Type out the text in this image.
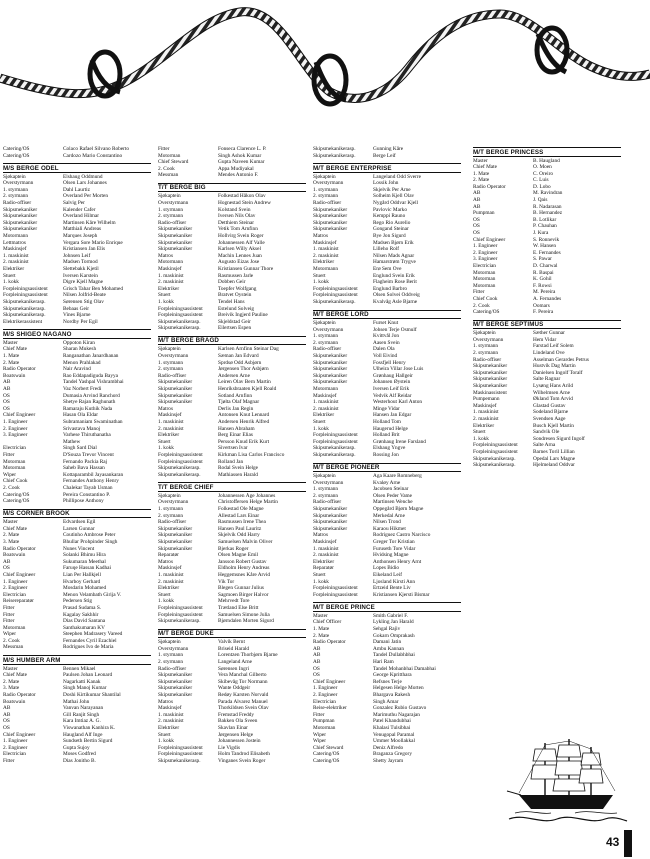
Catering/OS	Colaco Rafael Silvano Roberto
Catering/OS	Cardozo Mario Constantino
M/S BERGE ODEL
Sjøkaptein	Elshaug Oddmund
Overstyrmann	Olsen Lars Johannes
1. styrmann	Dahl Laurtiz
2. styrmann	Overland Per Morten
Radio-offiser	Salvig Per
Skipsmekaniker	Kalender Cafer
Skipsmekaniker	Overland Hilmar
Skipsmekaniker	Martinsen Kåre Wilhelm
Skipsmekaniker	Matthiali Andreas
Motormann	Marques Joseph
Lettmatros	Vergara Sore Mario Enrique
Maskinsjef	Kristiansen Jan Elis
1. maskinist	Johnsen Leif
2. maskinist	Madsen Tormod
Elektriker	Slettebakk Kjetil
Stuert	Iversen Karstein
1. kokk	Digre Kjell Magne
Forpleiningsassistent	Grisch Tahar Ben Mohamed
Forpleiningsassistent	Nilsen Jolfrid-Beate
Skipsmekanikerasp.	Sørensen Stig Olav
Skipsmekanikerasp.	Bebaas Geir
Skipsmekanikerasp.	Vines Bjarne
Elektrikerassistent	Nordby Per Egil
M/S SHIGEO NAGANO
Master	Oppoton Kiran
Chief Mate	Sharan Mukesh
1. Mate	Ranganathan Janardhanan
2. Mate	Menon Prahlakad
Radio Operator	Nair Aravind
Boatswain	Rao Eddapadiguda Bayya
AB	Tandel Yashpal Vishrambhai
AB	Vaz Norbert Fredi
OS	Dumasia Arvind Ranchord
OS	Shetye Rajan Raghunath
OS	Ramaraju Kuthik Nada
Chief Engineer	Hasan Ola Eldar
1. Engineer	Subramaniam Swaminathan
2. Engineer	Srivastava Manoj
3. Engineer	Varhese Thiruthanatha
Mathew
Electrician	Singh Sard Dial
Fitter	D'Souza Trevor Vincent
Motorman	Fernando Packia Raj
Motorman	Saheb Bava Hassan
Wiper	Kottaparambil Jayasankaran
Chief Cook	Fernandes Anthony Henry
2. Cook	Chalekar Tayab Usman
Catering/OS	Pereira Constantino P.
Catering/OS	Phillipose Anthony
M/S CORNER BROOK
Master	Edvardsen Egil
Chief Mate	Larsen Gunnar
2. Mate	Coutinho Ambrose Peter
3. Mate	Bhullar Prohpinder Singh
Radio Operator	Nunes Vincent
Boatswain	Solanki Bhimu Hira
AB	Sukumaran Meethal
OS	Faruqe Hassan Kadhai
Chief Engineer	Lian Per Hallkjell
1. Engineer	Hvarboy Gerhard
2. Engineer	Mosdarin Mohamed
Electrician	Menon Velambath Girija V.
Reisereparatør	Pedersen Stig
Fitter	Prasad Sudama S.
Fitter	Kagalay Sakhhir
Fitter	Dias David Santana
Motorman	Santhakumaran KV
Wiper	Steephen Madrasery Vareed
2. Cook	Fernandes Cyril Ezachiel
Messman	Rodrigues Ivo de Maria
M/S HUMBER ARM
Master	Bennen Mikael
Chief Mate	Paulsen Johan Leonard
2. Mate	Nagarkatti Kanak
3. Mate	Singh Manoj Kumar
Radio Operator	Doshi Kirtikumar Shantilal
Boatswain	Mathai John
AB	Vanvan Narayanan
AB	Gill Ranjit Singh
OS	Kara Imtiaz A. G.
OS	Viswanathan Kanhira K.
Chief Engineer	Haugland Alf Inge
1. Engineer	Sundseth Bertin Sigurd
2. Engineer	Gupta Sujoy
Electrician	Moses Godfred
Fitter	Dias Jonitho B.
Fitter	Fonseca Clarence L. P.
Motorman	Singh Ashok Kumar
Chief Steward	Gupta Naveen Kumar
2. Cook	Appa Mudiyakal
Messman	Mendes Antonio F.
T/T BERGE BIG
Sjøkaptein	Folkestad Håkon Olav
Overstyrmann	Hognestad Stein Andrew
1. styrmann	Kolstand Svein
2. styrmann	Iversen Nils Olav
Radio-offiser	Detthiem Steinar
Skipsmekaniker	Vetik Tom Arnfinn
Skipsmekaniker	Hollvirg Svein Roger
Skipsmekaniker	Johannessen Alf Valle
Skipsmekaniker	Karlsen Willy Aksel
Matros	Machin Lennes Juan
Motormann	Augusto Eizas Jose
Maskinsjef	Kristiansen Gunnar Thore
1. maskinist	Rasmussen Jarle
2. maskinist	Dobben Geir
Elektriker	Toepfer Wolfgang
Stuert	Bratvet Oystein
1. kokk	Tendel Hans
Forpleiningsassistent	Estelund Solveig
Forpleiningsassistent	Breivik Ingjerd Pauline
Skipsmekanikerasp.	Skjeldstad Geir
Skipsmekanikerasp.	Eilertsen Espen
M/T BERGE BRAGD
Sjøkaptein	Karlsen Arnfinn Steinar Dag
Overstyrmann	Sæman Jan Edvard
1. styrmann	Sprdsø Odd Asbjørn
2. styrmann	Jørgensen Thor Asbjørn
Radio-offiser	Andersen Arne
Skipsmekaniker	Leiren Olav Bern Martin
Skipsmekaniker	Henriksbraaten Kjell Roald
Skipsmekaniker	Sotland Arnfinn
Skipsmekaniker	Tjølta Olaf Magnar
Matros	Derlis Jan Regin
Maskinsjef	Antonsen Knut Lennard
1. maskinist	Andersen Henrik Alfred
2. maskinist	Hansen Abraham
Elektriker	Berg Einar Elias
Stuert	Persson Knud Erik Kurt
1. kokk	Sivertsen Ivar
Forpleiningsassistent	Kirkman Lisa Carlos Francisco
Forpleiningsassistent	Rolland Jan
Skipsmekanikerasp.	Rodal Svein Helge
Skipsmekanikerasp.	Mathiassen Harald
T/T BERGE CHIEF
Sjøkaptein	Johannessen Åge Johannes
Overstyrmann	Christoffersen Helge Martin
1. styrmann	Folkestad Ole Magne
2. styrmann	Allestad Lars Einar
Radio-offiser	Rasmussen Irene Thea
Skipsmekaniker	Hansen Paul Lauritz
Skipsmekaniker	Skjelvik Odd Harry
Skipsmekaniker	Samuelsen Malvin Oliver
Skipsmekaniker	Bjerkas Roger
Reparatør	Olsen Magne Emil
Matros	Jansson Robert Gustav
Maskinsjef	Eldholm Henry Andreas
1. maskinist	Heggemsnes Kåre Arvid
2. maskinist	Vik Tor
Elektriker	Blegen Gunnar Julius
Stuert	Sagmoen Birger Halvor
1. kokk	Mehrvedt Tore
Forpleiningsassistent	Trætland Else Britt
Forpleiningsassistent	Samuelsen Simone Julia
Skipsmekanikerasp.	Bjørndalen Morten Sigurd
M/T BERGE DUKE
Sjøkaptein	Valvik Bernt
Overstyrmann	Briseid Harald
1. styrmann	Lorentzen Thorbjørn Bjarne
2. styrmann	Langeland Arne
Radio-offiser	Sørensen Ingri
Skipsmekaniker	Vera Manchal Gilberto
Skipsmekaniker	Skibevåg Tor Normann
Skipsmekaniker	Wante Oddgeir
Skipsmekaniker	Redøy Karsten Norvald
Matros	Parada Alvarez Manuel
Maskinsjef	Thorkildsen Svein Olav
1. maskinist	Fremstad Freddy
2. maskinist	Bakken Ola Sveen
Elektriker	Skavlan Einar
Stuert	Jørgensen Helge
1. kokk	Johannessen Jostein
Forpleiningsassistent	Lie Vigdis
Forpleiningsassistent	Holm Tandrod Elisabeth
Skipsmekanikerasp.	Vinganes Svein Roger
Skipsmekanikerasp.	Gunning Kåre
Skipsmekanikerasp.	Berge Leif
M/T BERGE ENTERPRISE
Sjøkaptein	Langeland Odd Sverre
Overstyrmann	Lossik John
1. styrmann	Skjelvik Per Arne
2. styrmann	Solheim Kjell Olav
Radio-offiser	Nygård Oddvar Kjell
Skipsmekaniker	Pavlovic Marko
Skipsmekaniker	Kemppi Rauno
Skipsmekaniker	Rego Rio Aurelio
Skipsmekaniker	Gongand Steinar
Matros	Bye Jon Sigurd
Maskinsjef	Madsen Bjørn Erik
1. maskinist	Lilleho Rolf
2. maskinist	Nilsen Mads Agnar
Elektriker	Hamarstrøm Trygve
Motormann	Erø Sem Ove
Stuert	Englund Svein Erik
1. kokk	Flagheim Rose Berit
Forpleiningsassistent	Englund Barbro
Forpleiningsassistent	Olsen Solvei Oddveig
Skipsmekanikerasp.	Kvalvåg Asle Bjarne
M/T BERGE LORD
Sjøkaptein	Furset Knut
Overstyrmann	Johsen Terje Osmulf
1. styrmann	Kvittvål Jon
2. styrmann	Aasen Svein
Radio-offiser	Dalen Ola
Skipsmekaniker	Voll Eivind
Skipsmekaniker	Fossfjell Henry
Skipsmekaniker	Ulheira Villar Jose Luis
Skipsmekaniker	Grønhaug Hallgeir
Skipsmekaniker	Johansen Øystein
Motormann	Iversen Leif Erik
Maskinsjef	Vedvik Alf Reidar
1. maskinist	Westerhout Karl Anton
2. maskinist	Minge Vidar
Elektriker	Hansen Jan Edgar
Stuert	Holland Tom
1. kokk	Haugerud Helge
Forpleiningsassistent	Holland Brit
Forpleiningsassistent	Grønhaug Irene Farsland
Skipsmekanikerasp.	Elshaug Yngve
Skipsmekanikerasp.	Rossing Jon
M/T BERGE PIONEER
Sjøkaptein	Aga Kaare Romneberg
Overstyrmann	Kvaløy Arne
1. styrmann	Jacobsen Steinar
2. styrmann	Olsen Peder Vame
Radio-offiser	Martinsen Wenche
Skipsmekaniker	Oppegård Bjørn Magne
Skipsmekaniker	Merkedal Arne
Skipsmekaniker	Nilsen Trond
Skipsmekaniker	Karaou Hikmet
Matros	Rodriguez Castro Narcisco
Maskinsjef	Greger Tor Kristian
1. maskinist	Furuseth Tore Vidar
2. maskinist	Hvidsing Magne
Elektriker	Anthonsen Henry Arnt
Reparatør	Lopes Bidio
Stuert	Eikeland Leif
1. kokk	Ljosland Kirsti Ann
Forpleiningsassistent	Ertzeid Bente Liv
Forpleiningsassistent	Kristiansen Kjersti Bismar
M/T BERGE PRINCE
Master	Smith Gabriel F.
Chief Officer	Lykling Jan Harald
1. Mate	Sehgal Rajiv
2. Mate	Gokarn Omprakash
Radio Operator	Damani Jatin
AB	Ambu Kannan
AB	Tandel Dullabhbhai
AB	Hari Ram
OS	Tandel Mohanbhai Damabhai
OS	George Kpritthara
Chief Engineer	Refsnes Terje
1. Engineer	Helgesen Helge Morten
2. Engineer	Bhargava Rakesh
Electrician	Singh Amar
Reise-elektriker	Gonzalez Rubio Gustavo
Fitter	Marimuthu Nagarajan
Pumpman	Patel Khandubhai
Motorman	Khalasi Tulsibhai
Wiper	Venugopal Paramal
Wiper	Ummer Moollakkal
Chief Steward	Deniz Alfredo
Catering/OS	Braganza Gregory
Catering/OS	Shetty Jayram
M/T BERGE PRINCESS
Master	B. Haugland
Chief Mate	O. Moen
1. Mate	C. Oreiro
2. Mate	C. Luis
Radio Operator	D. Lobo
AB	M. Ravindran
AB	J. Qais
AB	R. Nadarasan
Pumpman	B. Hernandez
OS	B. Lotlikar
OS	P. Chauhan
OS	J. Kura
Chief Engineer	S. Ronnevik
1. Engineer	W. Hansen
2. Engineer	E. Fernandes
3. Engineer	S. Pawar
Electrician	D. Charwal
Motorman	R. Baspai
Motorman	K. Gohil
Motorman	F. Rowsi
Fitter	M. Pereira
Chief Cook	A. Fernandes
2. Cook	Oomars
Catering/OS	F. Pereira
M/T BERGE SEPTIMUS
Sjøkaptein	Sæther Gunnar
Overstyrmann	Hem Vidar
1. styrmann	Farstad Leif Solem
2. styrmann	Lindeland Ove
Radio-offiser	Asselman Gerardes Petrus
Skipsmekaniker	Hustvik Dag Martin
Skipsmekaniker	Danielsen Ingolf Toralf
Skipsmekaniker	Salte Ragnar
Skipsmekaniker	Lysøng Hans Arild
Maskinassistent	Wilhelmsen Arne
Pumpemann	Økland Tom Arvid
Maskinsjef	Glastad Gustav
1. maskinist	Sodeland Bjarne
2. maskinist	Svendsen Aage
Elektriker	Busch Kjell Martin
Stuert	Sandvik Ole
1. kokk	Sondresen Sigurd Ingolf
Forpleiningsassistent	Salte Arna
Forpleiningsassistent	Barnes Toril Lillian
Skipsmekanikerasp.	Opedal Lars Magne
Skipsmekanikerasp.	Hjelmeland Oddvar
43
